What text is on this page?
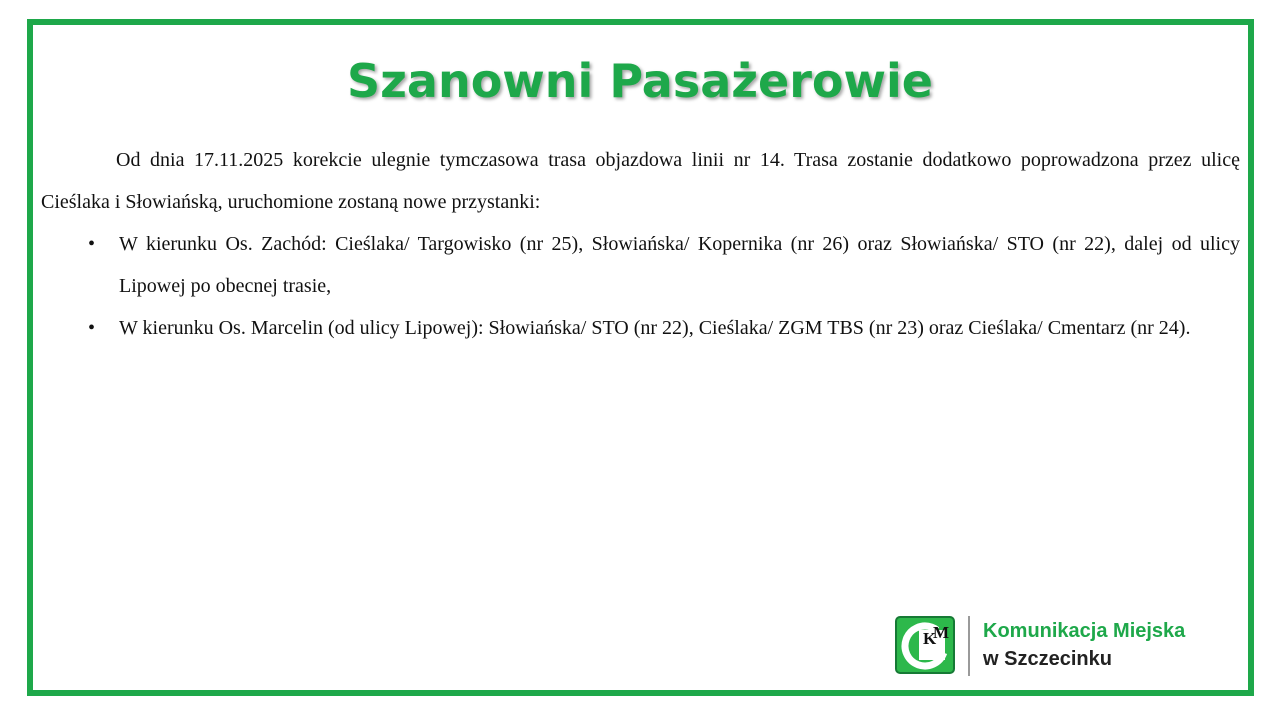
Szanowni Pasażerowie

Od dnia 17.11.2025 korekcie ulegnie tymczasowa trasa objazdowa linii nr 14. Trasa zostanie dodatkowo poprowadzona przez ulicę Cieślaka i Słowiańską, uruchomione zostaną nowe przystanki:

• W kierunku Os. Zachód: Cieślaka/ Targowisko (nr 25), Słowiańska/ Kopernika (nr 26) oraz Słowiańska/ STO (nr 22), dalej od ulicy Lipowej po obecnej trasie,
• W kierunku Os. Marcelin (od ulicy Lipowej): Słowiańska/ STO (nr 22), Cieślaka/ ZGM TBS (nr 23) oraz Cieślaka/ Cmentarz (nr 24).
K
M Komunikacja Miejska
w Szczecinku
